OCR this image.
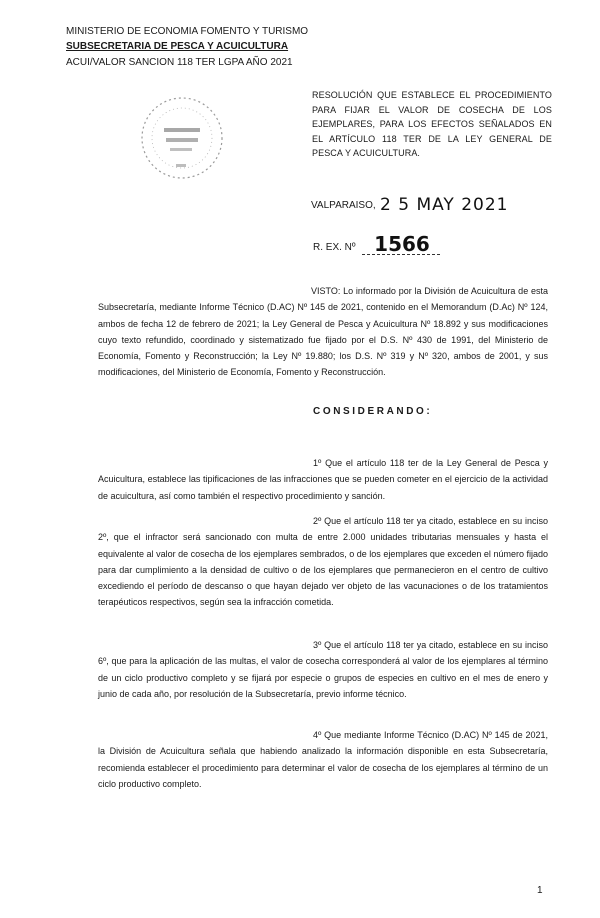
MINISTERIO DE ECONOMIA FOMENTO Y TURISMO
SUBSECRETARIA DE PESCA Y ACUICULTURA
ACUI/VALOR SANCION 118 TER LGPA AÑO 2021
RESOLUCIÓN QUE ESTABLECE EL PROCEDIMIENTO PARA FIJAR EL VALOR DE COSECHA DE LOS EJEMPLARES, PARA LOS EFECTOS SEÑALADOS EN EL ARTÍCULO 118 TER DE LA LEY GENERAL DE PESCA Y ACUICULTURA.
VALPARAISO, 2 5 MAY 2021
R. EX. Nº 1566
VISTO: Lo informado por la División de Acuicultura de esta Subsecretaría, mediante Informe Técnico (D.AC) Nº 145 de 2021, contenido en el Memorandum (D.Ac) Nº 124, ambos de fecha 12 de febrero de 2021; la Ley General de Pesca y Acuicultura Nº 18.892 y sus modificaciones cuyo texto refundido, coordinado y sistematizado fue fijado por el D.S. Nº 430 de 1991, del Ministerio de Economía, Fomento y Reconstrucción; la Ley Nº 19.880; los D.S. Nº 319 y Nº 320, ambos de 2001, y sus modificaciones, del Ministerio de Economía, Fomento y Reconstrucción.
CONSIDERANDO:
1º Que el artículo 118 ter de la Ley General de Pesca y Acuicultura, establece las tipificaciones de las infracciones que se pueden cometer en el ejercicio de la actividad de acuicultura, así como también el respectivo procedimiento y sanción.
2º Que el artículo 118 ter ya citado, establece en su inciso 2º, que el infractor será sancionado con multa de entre 2.000 unidades tributarias mensuales y hasta el equivalente al valor de cosecha de los ejemplares sembrados, o de los ejemplares que exceden el número fijado para dar cumplimiento a la densidad de cultivo o de los ejemplares que permanecieron en el centro de cultivo excediendo el período de descanso o que hayan dejado ver objeto de las vacunaciones o de los tratamientos terapéuticos respectivos, según sea la infracción cometida.
3º Que el artículo 118 ter ya citado, establece en su inciso 6º, que para la aplicación de las multas, el valor de cosecha corresponderá al valor de los ejemplares al término de un ciclo productivo completo y se fijará por especie o grupos de especies en cultivo en el mes de enero y junio de cada año, por resolución de la Subsecretaría, previo informe técnico.
4º Que mediante Informe Técnico (D.AC) Nº 145 de 2021, la División de Acuicultura señala que habiendo analizado la información disponible en esta Subsecretaría, recomienda establecer el procedimiento para determinar el valor de cosecha de los ejemplares al término de un ciclo productivo completo.
1
